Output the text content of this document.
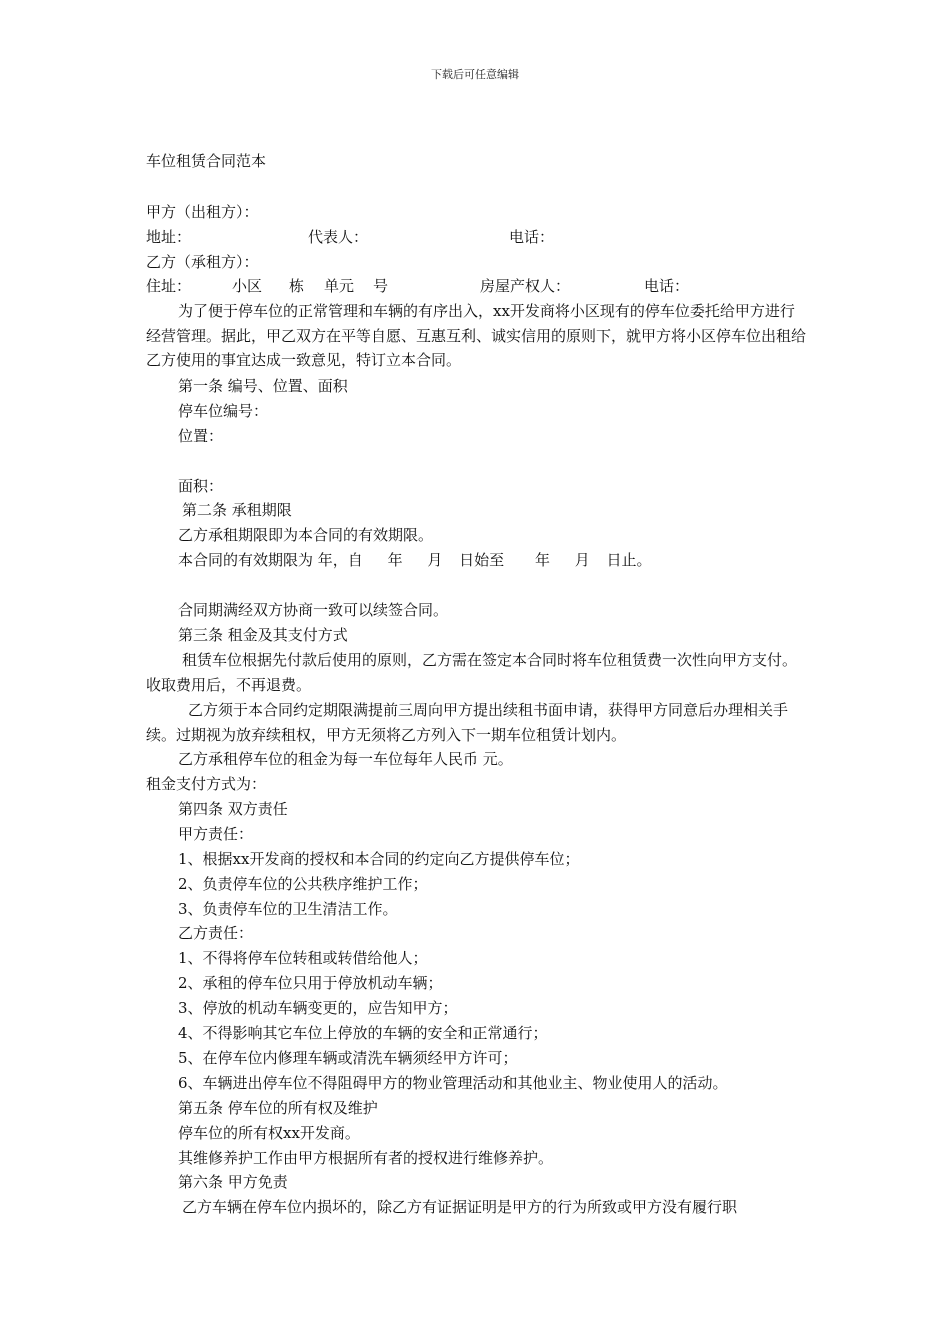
下载后可任意编辑
车位租赁合同范本
甲方（出租方）：
地址：	代表人：	电话：
乙方（承租方）：
住址：	小区 栋 单元 号	房屋产权人：	电话：
为了便于停车位的正常管理和车辆的有序出入，xx开发商将小区现有的停车位委托给甲方进行经营管理。据此，甲乙双方在平等自愿、互惠互利、诚实信用的原则下，就甲方将小区停车位出租给乙方使用的事宜达成一致意见，特订立本合同。
第一条 编号、位置、面积
停车位编号：
位置：
面积：
第二条 承租期限
乙方承租期限即为本合同的有效期限。
本合同的有效期限为 年，自 年 月 日始至 年 月 日止。
合同期满经双方协商一致可以续签合同。
第三条 租金及其支付方式
租赁车位根据先付款后使用的原则，乙方需在签定本合同时将车位租赁费一次性向甲方支付。收取费用后，不再退费。
乙方须于本合同约定期限满提前三周向甲方提出续租书面申请，获得甲方同意后办理相关手续。过期视为放弃续租权，甲方无须将乙方列入下一期车位租赁计划内。
乙方承租停车位的租金为每一车位每年人民币 元。
租金支付方式为：
第四条 双方责任
甲方责任：
1、根据xx开发商的授权和本合同的约定向乙方提供停车位；
2、负责停车位的公共秩序维护工作；
3、负责停车位的卫生清洁工作。
乙方责任：
1、不得将停车位转租或转借给他人；
2、承租的停车位只用于停放机动车辆；
3、停放的机动车辆变更的，应告知甲方；
4、不得影响其它车位上停放的车辆的安全和正常通行；
5、在停车位内修理车辆或清洗车辆须经甲方许可；
6、车辆进出停车位不得阻碍甲方的物业管理活动和其他业主、物业使用人的活动。
第五条 停车位的所有权及维护
停车位的所有权xx开发商。
其维修养护工作由甲方根据所有者的授权进行维修养护。
第六条 甲方免责
乙方车辆在停车位内损坏的，除乙方有证据证明是甲方的行为所致或甲方没有履行职
